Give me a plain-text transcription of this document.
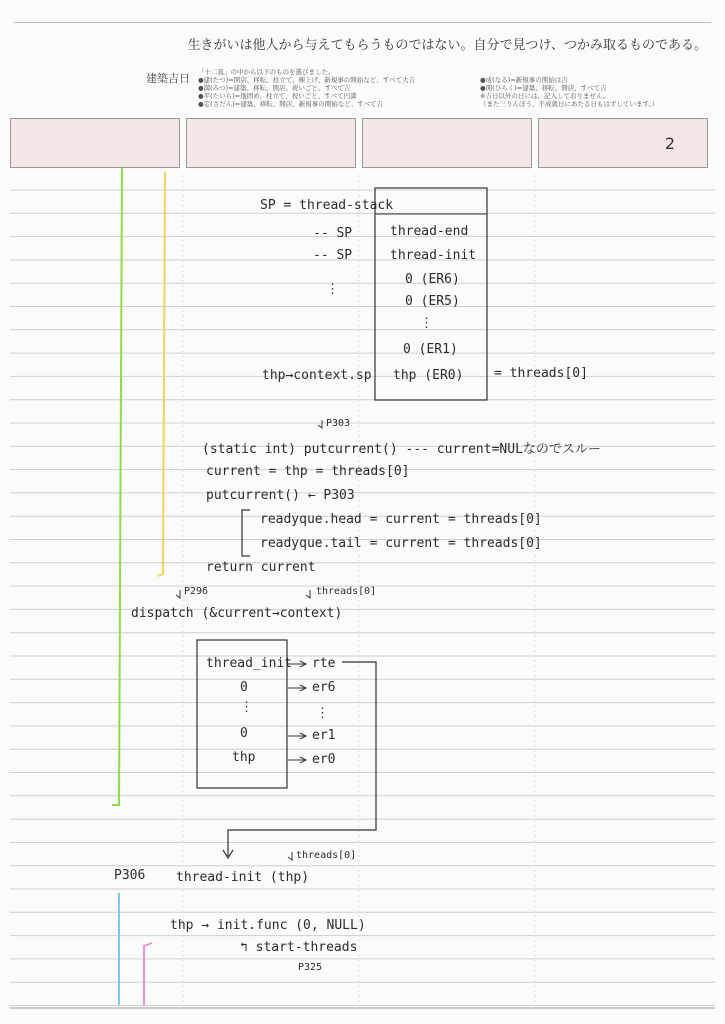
生きがいは他人から与えてもらうものではない。自分で見つけ、つかみ取るものである。
建築吉日 「十二直」の中から以下のものを選びました。
●建(たつ)=開店、移転、柱立て、棟上げ、新規事の開始など、すべて大吉
●満(みつ)=建築、移転、開店、祝いごと、すべて吉
●平(たいら)=地固め、柱立て、祝いごと、すべて円満
●定(さだん)=建築、移転、開店、新規事の開始など、すべて吉
●成(なる)=新規事の開始は吉
●開(ひらく)=建築、移転、開店、すべて吉
※吉日以外の日には、記入しておりません。
（また三りんぼう、不成就日にあたる日もはずしています。）
2
SP = thread-stack
-- SP
-- SP
⋮
thp→context.sp
thread-end
thread-init
0 (ER6)
0 (ER5)
⋮
0 (ER1)
thp (ER0) = threads[0]
P303
(static int) putcurrent() --- current=NULなのでスルー
current = thp = threads[0]
putcurrent() ← P303
readyque.head = current = threads[0]
readyque.tail = current = threads[0]
return current
P296	threads[0]
dispatch (&current→context)
thread_init
0
⋮
0
thp
rte
er6
⋮
er1
er0
threads[0]
P306 thread-init (thp)
thp → init.func (0, NULL)
↰ start-threads
P325
